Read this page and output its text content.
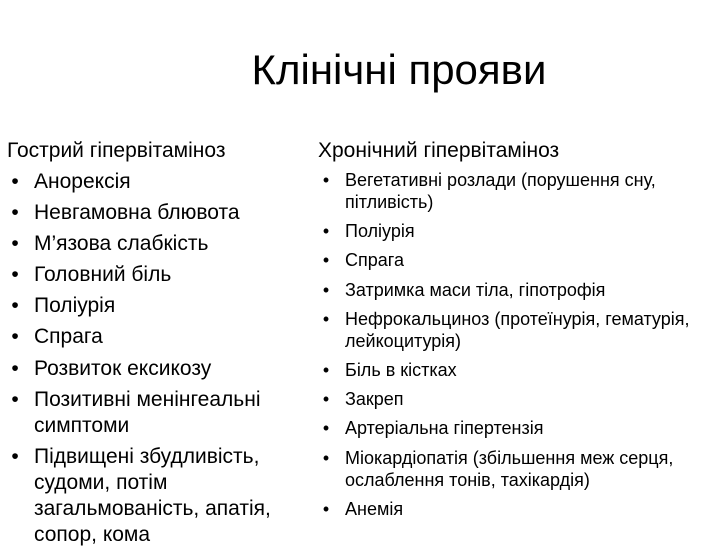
Клінічні прояви
Гострий гіпервітаміноз
• Анорексія
• Невгамовна блювота
• М’язова слабкість
• Головний біль
• Поліурія
• Спрага
• Розвиток ексикозу
• Позитивні менінгеальні симптоми
• Підвищені збудливість, судоми, потім загальмованість, апатія, сопор, кома
Хронічний гіпервітаміноз
• Вегетативні розлади (порушення сну, пітливість)
• Поліурія
• Спрага
• Затримка маси тіла, гіпотрофія
• Нефрокальциноз (протеїнурія, гематурія, лейкоцитурія)
• Біль в кістках
• Закреп
• Артеріальна гіпертензія
• Міокардіопатія (збільшення меж серця, ослаблення тонів, тахікардія)
• Анемія
